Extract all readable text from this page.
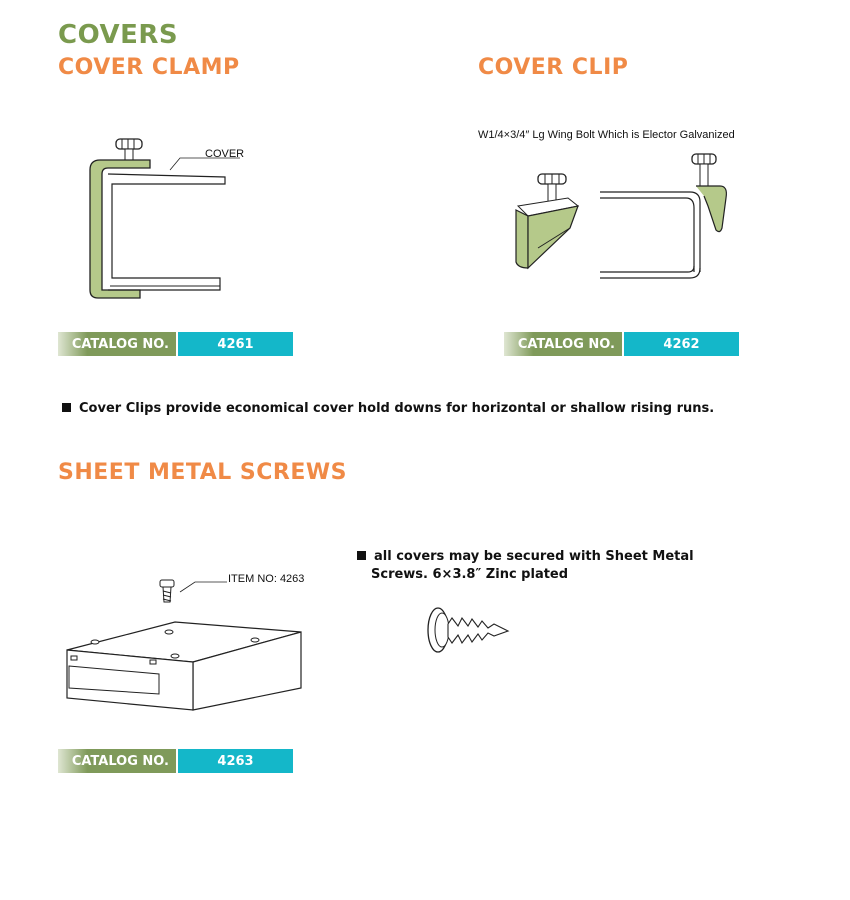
COVERS
COVER CLAMP	COVER CLIP
SHEET METAL SCREWS
COVER
W1/4×3/4″ Lg Wing Bolt Which is Elector Galvanized
CATALOG NO.	4261	CATALOG NO.	4262
CATALOG NO.	4263
Cover Clips provide economical cover hold downs for horizontal or shallow rising runs.
ITEM NO: 4263
all covers may be secured with Sheet Metal
Screws. 6×3.8″ Zinc plated
